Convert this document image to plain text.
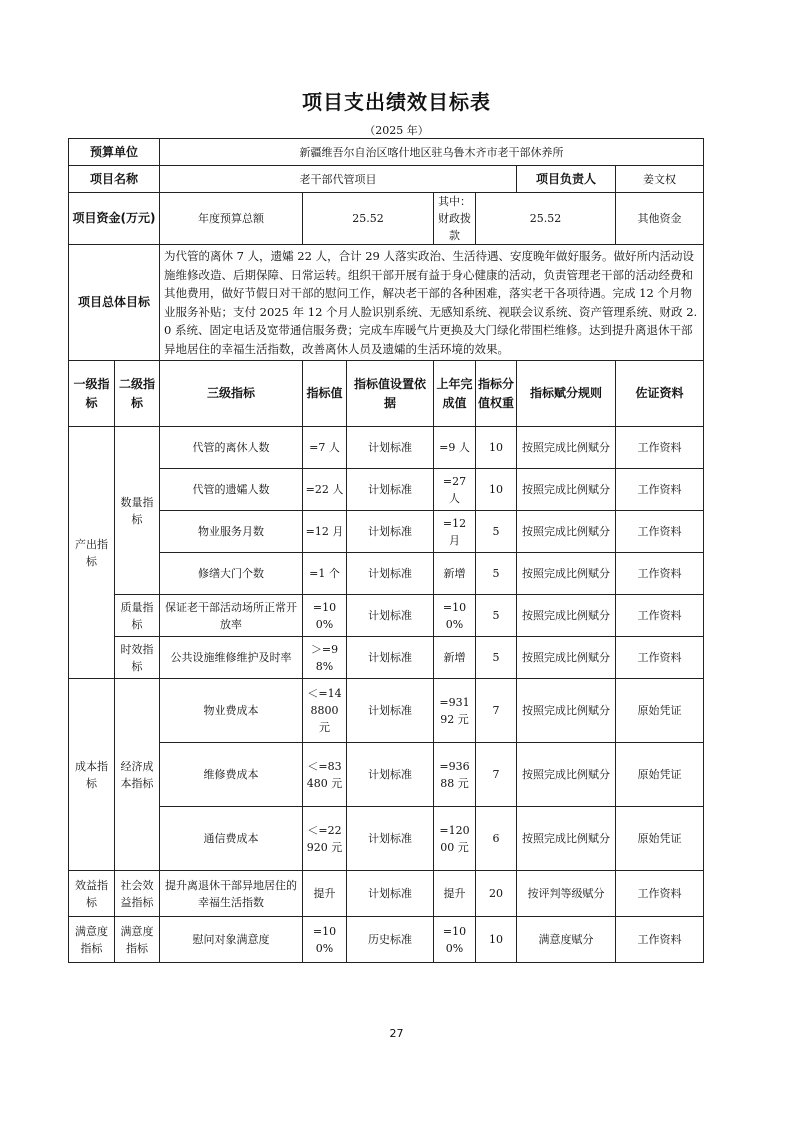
项目支出绩效目标表
（2025 年）
预算单位		新疆维吾尔自治区喀什地区驻乌鲁木齐市老干部休养所							
项目名称		老干部代管项目					项目负责人	姜文权	
项目资金(万元)		年度预算总额	25.52		其中：财政拨款	25.52		其他资金	
项目总体目标		为代管的离休 7 人，遗孀 22 人，合计 29 人落实政治、生活待遇、安度晚年做好服务。做好所内活动设施维修改造、后期保障、日常运转。组织干部开展有益于身心健康的活动，负责管理老干部的活动经费和其他费用，做好节假日对干部的慰问工作，解决老干部的各种困难，落实老干各项待遇。完成 12 个月物业服务补贴；支付 2025 年 12 个月人脸识别系统、无感知系统、视联会议系统、资产管理系统、财政 2.0 系统、固定电话及宽带通信服务费；完成车库暖气片更换及大门绿化带围栏维修。达到提升离退休干部异地居住的幸福生活指数，改善离休人员及遗孀的生活环境的效果。							
一级指标	二级指标	三级指标	指标值	指标值设置依据	上年完成值	指标分值权重	指标赋分规则	佐证资料	
产出指标	数量指标	代管的离休人数	=7 人	计划标准	=9 人	10	按照完成比例赋分	工作资料	
		代管的遗孀人数	=22 人	计划标准	=27 人	10	按照完成比例赋分	工作资料	
		物业服务月数	=12 月	计划标准	=12 月	5	按照完成比例赋分	工作资料	
		修缮大门个数	=1 个	计划标准	新增	5	按照完成比例赋分	工作资料	
	质量指标	保证老干部活动场所正常开放率	=100%	计划标准	=100%	5	按照完成比例赋分	工作资料	
	时效指标	公共设施维修维护及时率	＞=98%	计划标准	新增	5	按照完成比例赋分	工作资料	
成本指标	经济成本指标	物业费成本	＜=148800 元	计划标准	=93192 元	7	按照完成比例赋分	原始凭证	
		维修费成本	＜=83480 元	计划标准	=93688 元	7	按照完成比例赋分	原始凭证	
		通信费成本	＜=22920 元	计划标准	=12000 元	6	按照完成比例赋分	原始凭证	
效益指标	社会效益指标	提升离退休干部异地居住的幸福生活指数	提升	计划标准	提升	20	按评判等级赋分	工作资料	
满意度指标	满意度指标	慰问对象满意度	=100%	历史标准	=100%	10	满意度赋分	工作资料	
27
